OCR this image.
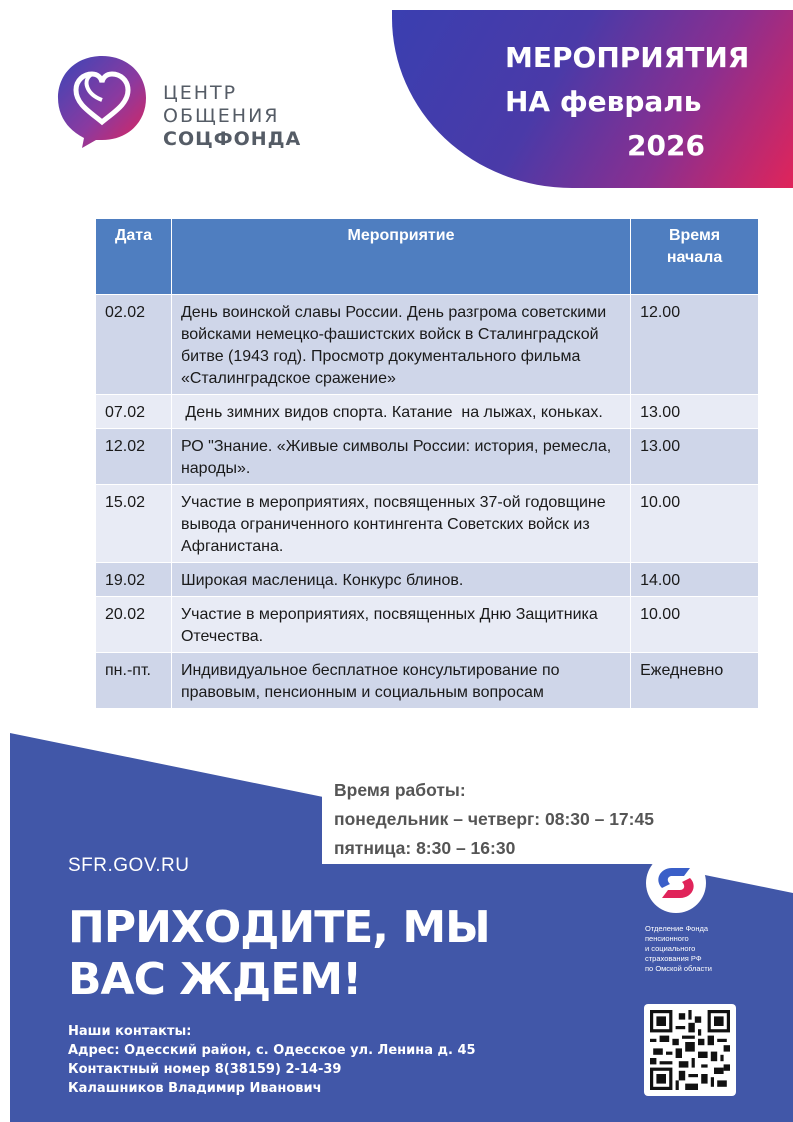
МЕРОПРИЯТИЯ
НА февраль
2026
ЦЕНТР
ОБЩЕНИЯ
СОЦФОНДА
Дата	Мероприятие	Время начала
02.02	День воинской славы России. День разгрома советскими войсками немецко-фашистских войск в Сталинградской битве (1943 год). Просмотр документального фильма «Сталинградское сражение»	12.00
07.02	День зимних видов спорта. Катание  на лыжах, коньках.	13.00
12.02	РО "Знание. «Живые символы России: история, ремесла, народы».	13.00
15.02	Участие в мероприятиях, посвященных 37-ой годовщине вывода ограниченного контингента Советских войск из Афганистана.	10.00
19.02	Широкая масленица. Конкурс блинов.	14.00
20.02	Участие в мероприятиях, посвященных Дню Защитника Отечества.	10.00
пн.-пт.	Индивидуальное бесплатное консультирование по правовым, пенсионным и социальным вопросам	Ежедневно
Время работы:
понедельник – четверг: 08:30 – 17:45
пятница: 8:30 – 16:30
SFR.GOV.RU
ПРИХОДИТЕ, МЫ
ВАС ЖДЕМ!
Наши контакты:
Адрес: Одесский район, с. Одесское ул. Ленина д. 45
Контактный номер 8(38159) 2-14-39
Калашников Владимир Иванович
Отделение Фонда
пенсионного
и социального
страхования РФ
по Омской области
